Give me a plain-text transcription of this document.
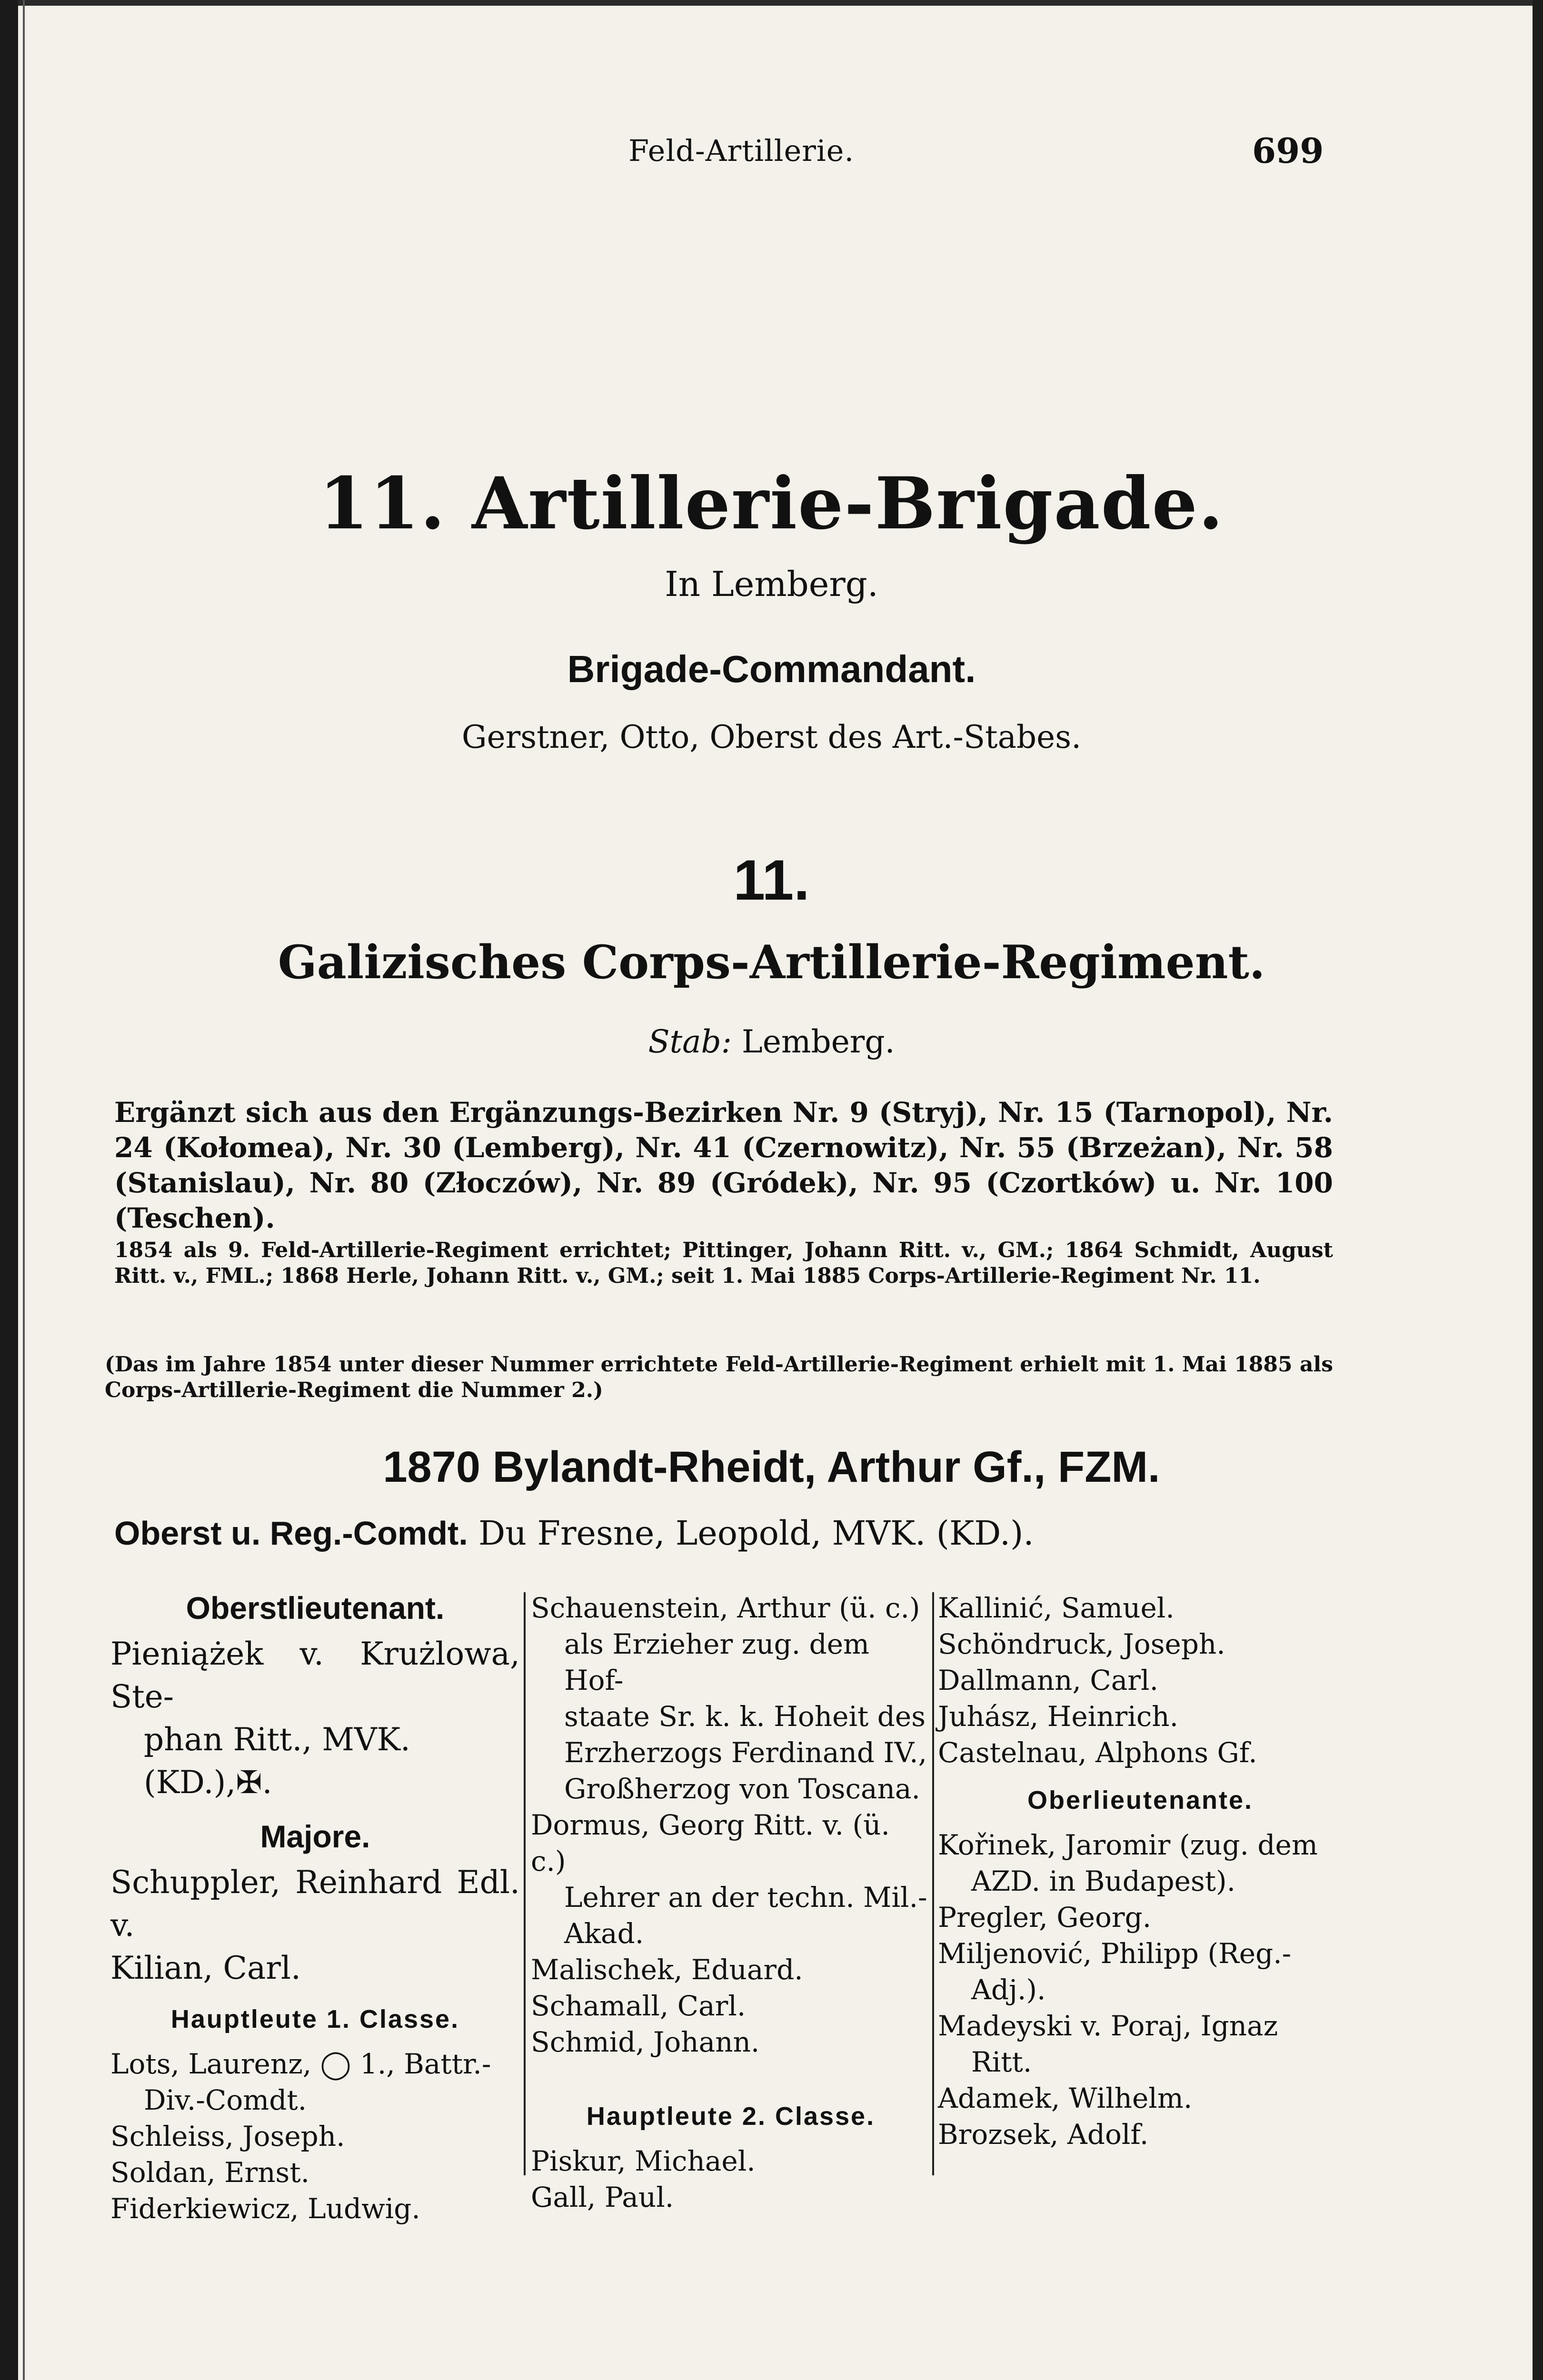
Feld-Artillerie.	699
11. Artillerie-Brigade.
In Lemberg.
Brigade-Commandant.
Gerstner, Otto, Oberst des Art.-Stabes.
11.
Galizisches Corps-Artillerie-Regiment.
Stab: Lemberg.
Ergänzt sich aus den Ergänzungs-Bezirken Nr. 9 (Stryj), Nr. 15 (Tarnopol), Nr. 24 (Kołomea), Nr. 30 (Lemberg), Nr. 41 (Czernowitz), Nr. 55 (Brzeżan), Nr. 58 (Stanislau), Nr. 80 (Złoczów), Nr. 89 (Gródek), Nr. 95 (Czortków) u. Nr. 100 (Teschen).
1854 als 9. Feld-Artillerie-Regiment errichtet; Pittinger, Johann Ritt. v., GM.; 1864 Schmidt, August Ritt. v., FML.; 1868 Herle, Johann Ritt. v., GM.; seit 1. Mai 1885 Corps-Artillerie-Regiment Nr. 11.
(Das im Jahre 1854 unter dieser Nummer errichtete Feld-Artillerie-Regiment erhielt mit 1. Mai 1885 als Corps-Artillerie-Regiment die Nummer 2.)
1870 Bylandt-Rheidt, Arthur Gf., FZM.
Oberst u. Reg.-Comdt. Du Fresne, Leopold, MVK. (KD.).

Oberstlieutenant.

Pieniążek v. Krużlowa, Ste-

phan Ritt., MVK. (KD.),✠.

Majore.

Schuppler, Reinhard Edl.

v.

Kilian, Carl.

Hauptleute 1. Classe.

Lots, Laurenz, ◯ 1., Battr.-

Div.-Comdt.

Schleiss, Joseph.

Soldan, Ernst.

Fiderkiewicz, Ludwig.

Schauenstein, Arthur (ü. c.)

als Erzieher zug. dem Hof-

staate Sr. k. k. Hoheit des

Erzherzogs Ferdinand IV.,

Großherzog von Toscana.

Dormus, Georg Ritt. v. (ü. c.)

Lehrer an der techn. Mil.-

Akad.

Malischek, Eduard.

Schamall, Carl.

Schmid, Johann.

Hauptleute 2. Classe.

Piskur, Michael.

Gall, Paul.

Kallinić, Samuel.

Schöndruck, Joseph.

Dallmann, Carl.

Juhász, Heinrich.

Castelnau, Alphons Gf.

Oberlieutenante.

Kořinek, Jaromir (zug. dem

AZD. in Budapest).

Pregler, Georg.

Miljenović, Philipp (Reg.-

Adj.).

Madeyski v. Poraj, Ignaz

Ritt.

Adamek, Wilhelm.

Brozsek, Adolf.
